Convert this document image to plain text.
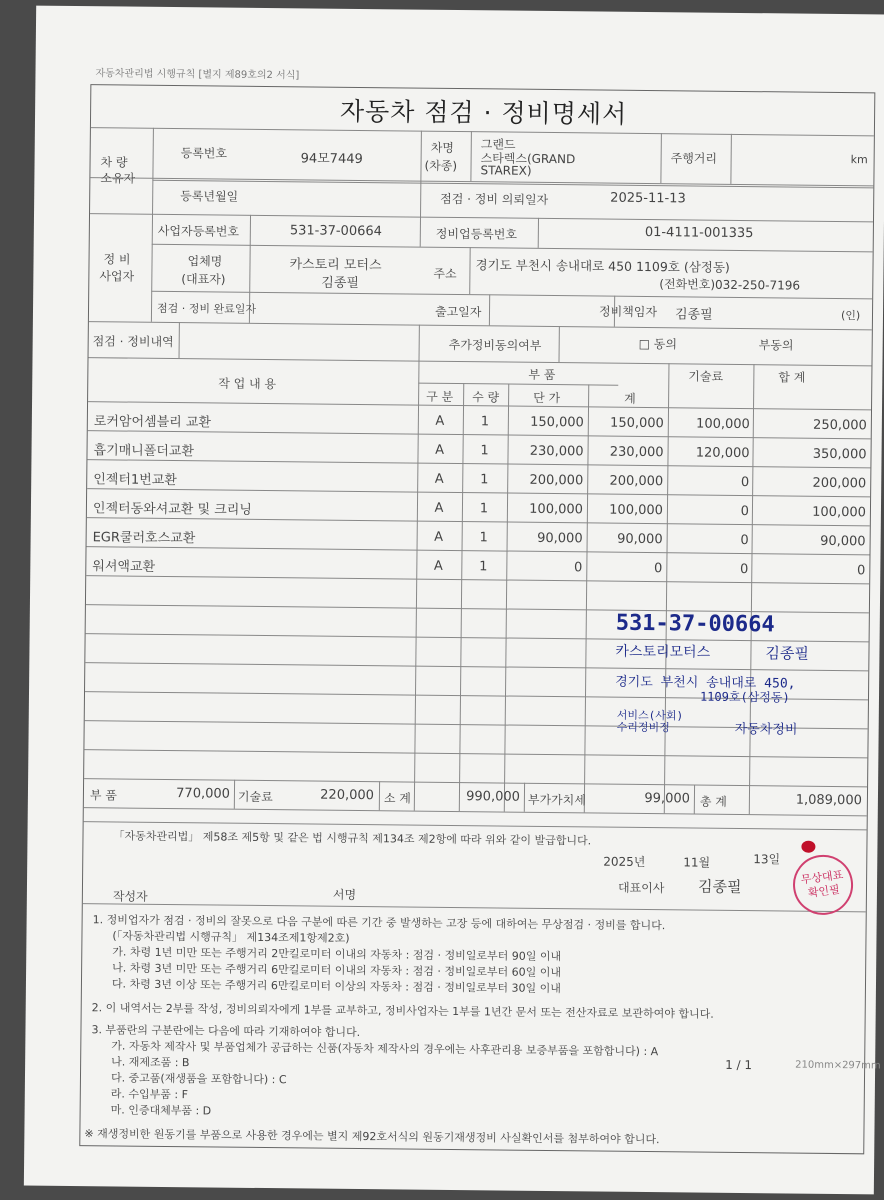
자동차관리법 시행규칙 [별지 제89호의2 서식]
자동차 점검 · 정비명세서
차 량
소유자
등록번호	94모7449
차명
(차종)
그랜드
스타렉스(GRAND
STAREX)
주행거리	km
등록년월일	점검 · 정비 의뢰일자	2025-11-13
정 비
사업자
사업자등록번호	531-37-00664	정비업등록번호	01-4111-001335
업체명
(대표자)
카스토리 모터스
김종필
주소 경기도 부천시 송내대로 450 1109호 (삼정동)
(전화번호)032-250-7196
점검 · 정비 완료일자	출고일자	정비책임자 김종필	(인)
점검 · 정비내역	추가정비동의여부	□ 동의	부동의
작 업 내 용
부 품	기술료	합 계
구 분 수 량	단 가	계
로커암어셈블리 교환	A	1	150,000	150,000	100,000	250,000
흡기매니폴더교환	A	1	230,000	230,000	120,000	350,000
인젝터1번교환	A	1	200,000	200,000	0	200,000
인젝터동와셔교환 및 크리닝	A	1	100,000	100,000	0	100,000
EGR쿨러호스교환	A	1	90,000	90,000	0	90,000
워셔액교환	A	1	0	0	0	0
531-37-00664
카스토리모터스	김종필
경기도 부천시 송내대로 450,
1109호(삼정동)
서비스(사회)
수리정비정	자동차정비
부 품	770,000 기술료	220,000 소 계	990,000 부가가치세	99,000 총 계	1,089,000
「자동차관리법」 제58조 제5항 및 같은 법 시행규칙 제134조 제2항에 따라 위와 같이 발급합니다.
2025년	11월	13일
대표이사 김종필
작성자	서명
무상대표
확인필
1. 정비업자가 점검 · 정비의 잘못으로 다음 구분에 따른 기간 중 발생하는 고장 등에 대하여는 무상점검 · 정비를 합니다.
(「자동차관리법 시행규칙」 제134조제1항제2호)
가. 차령 1년 미만 또는 주행거리 2만킬로미터 이내의 자동차 : 점검 · 정비일로부터 90일 이내
나. 차령 3년 미만 또는 주행거리 6만킬로미터 이내의 자동차 : 점검 · 정비일로부터 60일 이내
다. 차령 3년 이상 또는 주행거리 6만킬로미터 이상의 자동차 : 점검 · 정비일로부터 30일 이내
2. 이 내역서는 2부를 작성, 정비의뢰자에게 1부를 교부하고, 정비사업자는 1부를 1년간 문서 또는 전산자료로 보관하여야 합니다.
3. 부품란의 구분란에는 다음에 따라 기재하여야 합니다.
가. 자동차 제작사 및 부품업체가 공급하는 신품(자동차 제작사의 경우에는 사후관리용 보증부품을 포함합니다) : A
나. 재제조품 : B
다. 중고품(재생품을 포함합니다) : C
라. 수입부품 : F
마. 인증대체부품 : D
※ 재생정비한 원동기를 부품으로 사용한 경우에는 별지 제92호서식의 원동기재생정비 사실확인서를 첨부하여야 합니다.
1 / 1	210mm×297mm
